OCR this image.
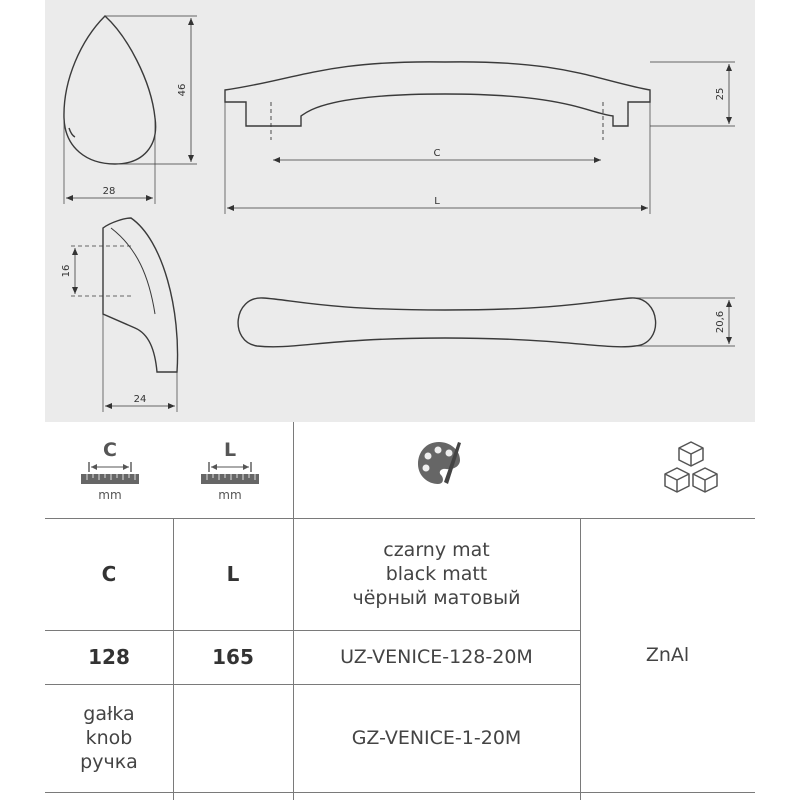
46
28
C
L
25
16
24
20,6
C
mm
L
mm
C	L
czarny mat
black matt
чёрный матовый
ZnAl
128	165	UZ-VENICE-128-20M
gałka
knob
ручка
GZ-VENICE-1-20M
